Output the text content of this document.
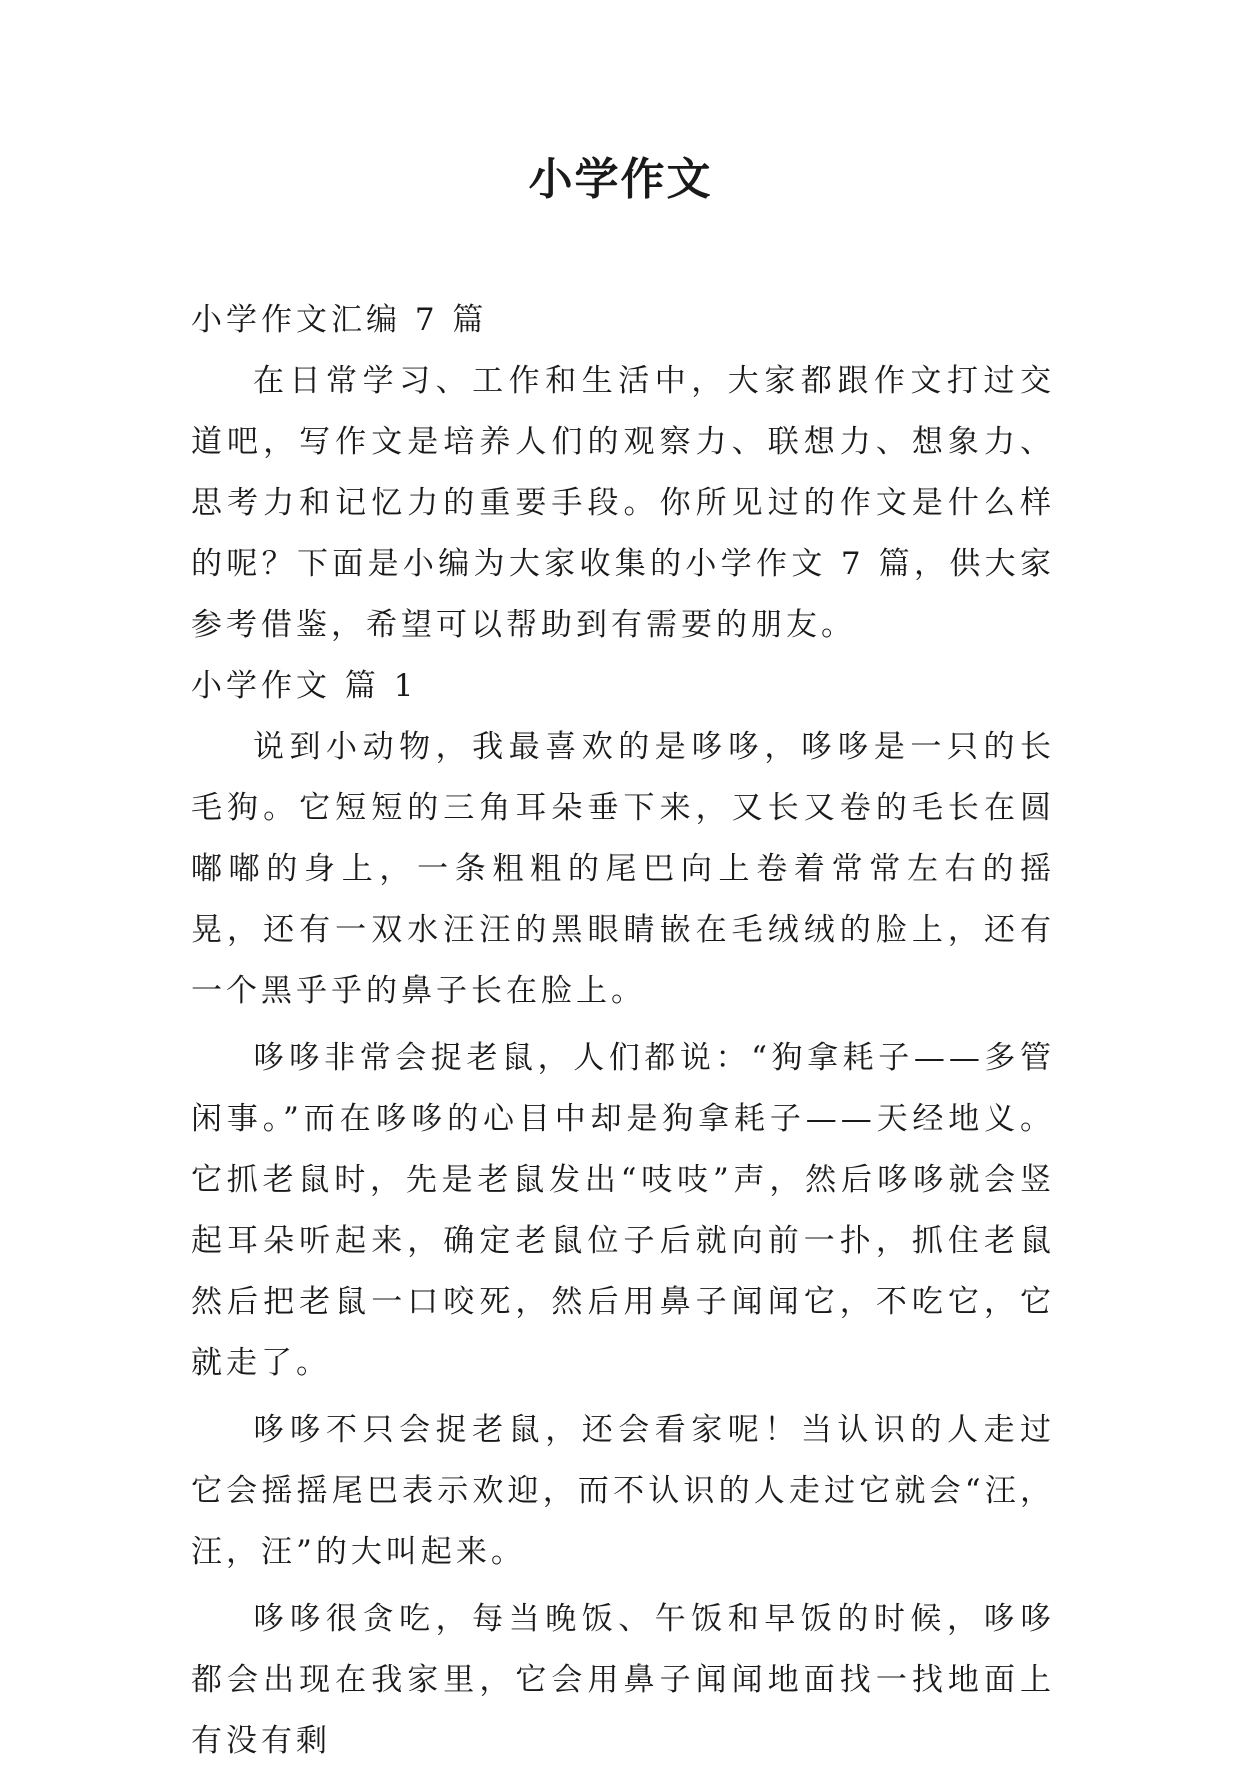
小学作文

小学作文汇编 7 篇

在日常学习、工作和生活中，大家都跟作文打过交道吧，写作文是培养人们的观察力、联想力、想象力、思考力和记忆力的重要手段。你所见过的作文是什么样的呢？下面是小编为大家收集的小学作文 7 篇，供大家参考借鉴，希望可以帮助到有需要的朋友。

小学作文 篇 1

说到小动物，我最喜欢的是哆哆，哆哆是一只的长毛狗。它短短的三角耳朵垂下来，又长又卷的毛长在圆嘟嘟的身上，一条粗粗的尾巴向上卷着常常左右的摇晃，还有一双水汪汪的黑眼睛嵌在毛绒绒的脸上，还有一个黑乎乎的鼻子长在脸上。

哆哆非常会捉老鼠，人们都说：“狗拿耗子——多管闲事。”而在哆哆的心目中却是狗拿耗子——天经地义。它抓老鼠时，先是老鼠发出“吱吱”声，然后哆哆就会竖起耳朵听起来，确定老鼠位子后就向前一扑，抓住老鼠然后把老鼠一口咬死，然后用鼻子闻闻它，不吃它，它就走了。

哆哆不只会捉老鼠，还会看家呢！当认识的人走过它会摇摇尾巴表示欢迎，而不认识的人走过它就会“汪，汪，汪”的大叫起来。

哆哆很贪吃，每当晚饭、午饭和早饭的时候，哆哆都会出现在我家里，它会用鼻子闻闻地面找一找地面上有没有剩
